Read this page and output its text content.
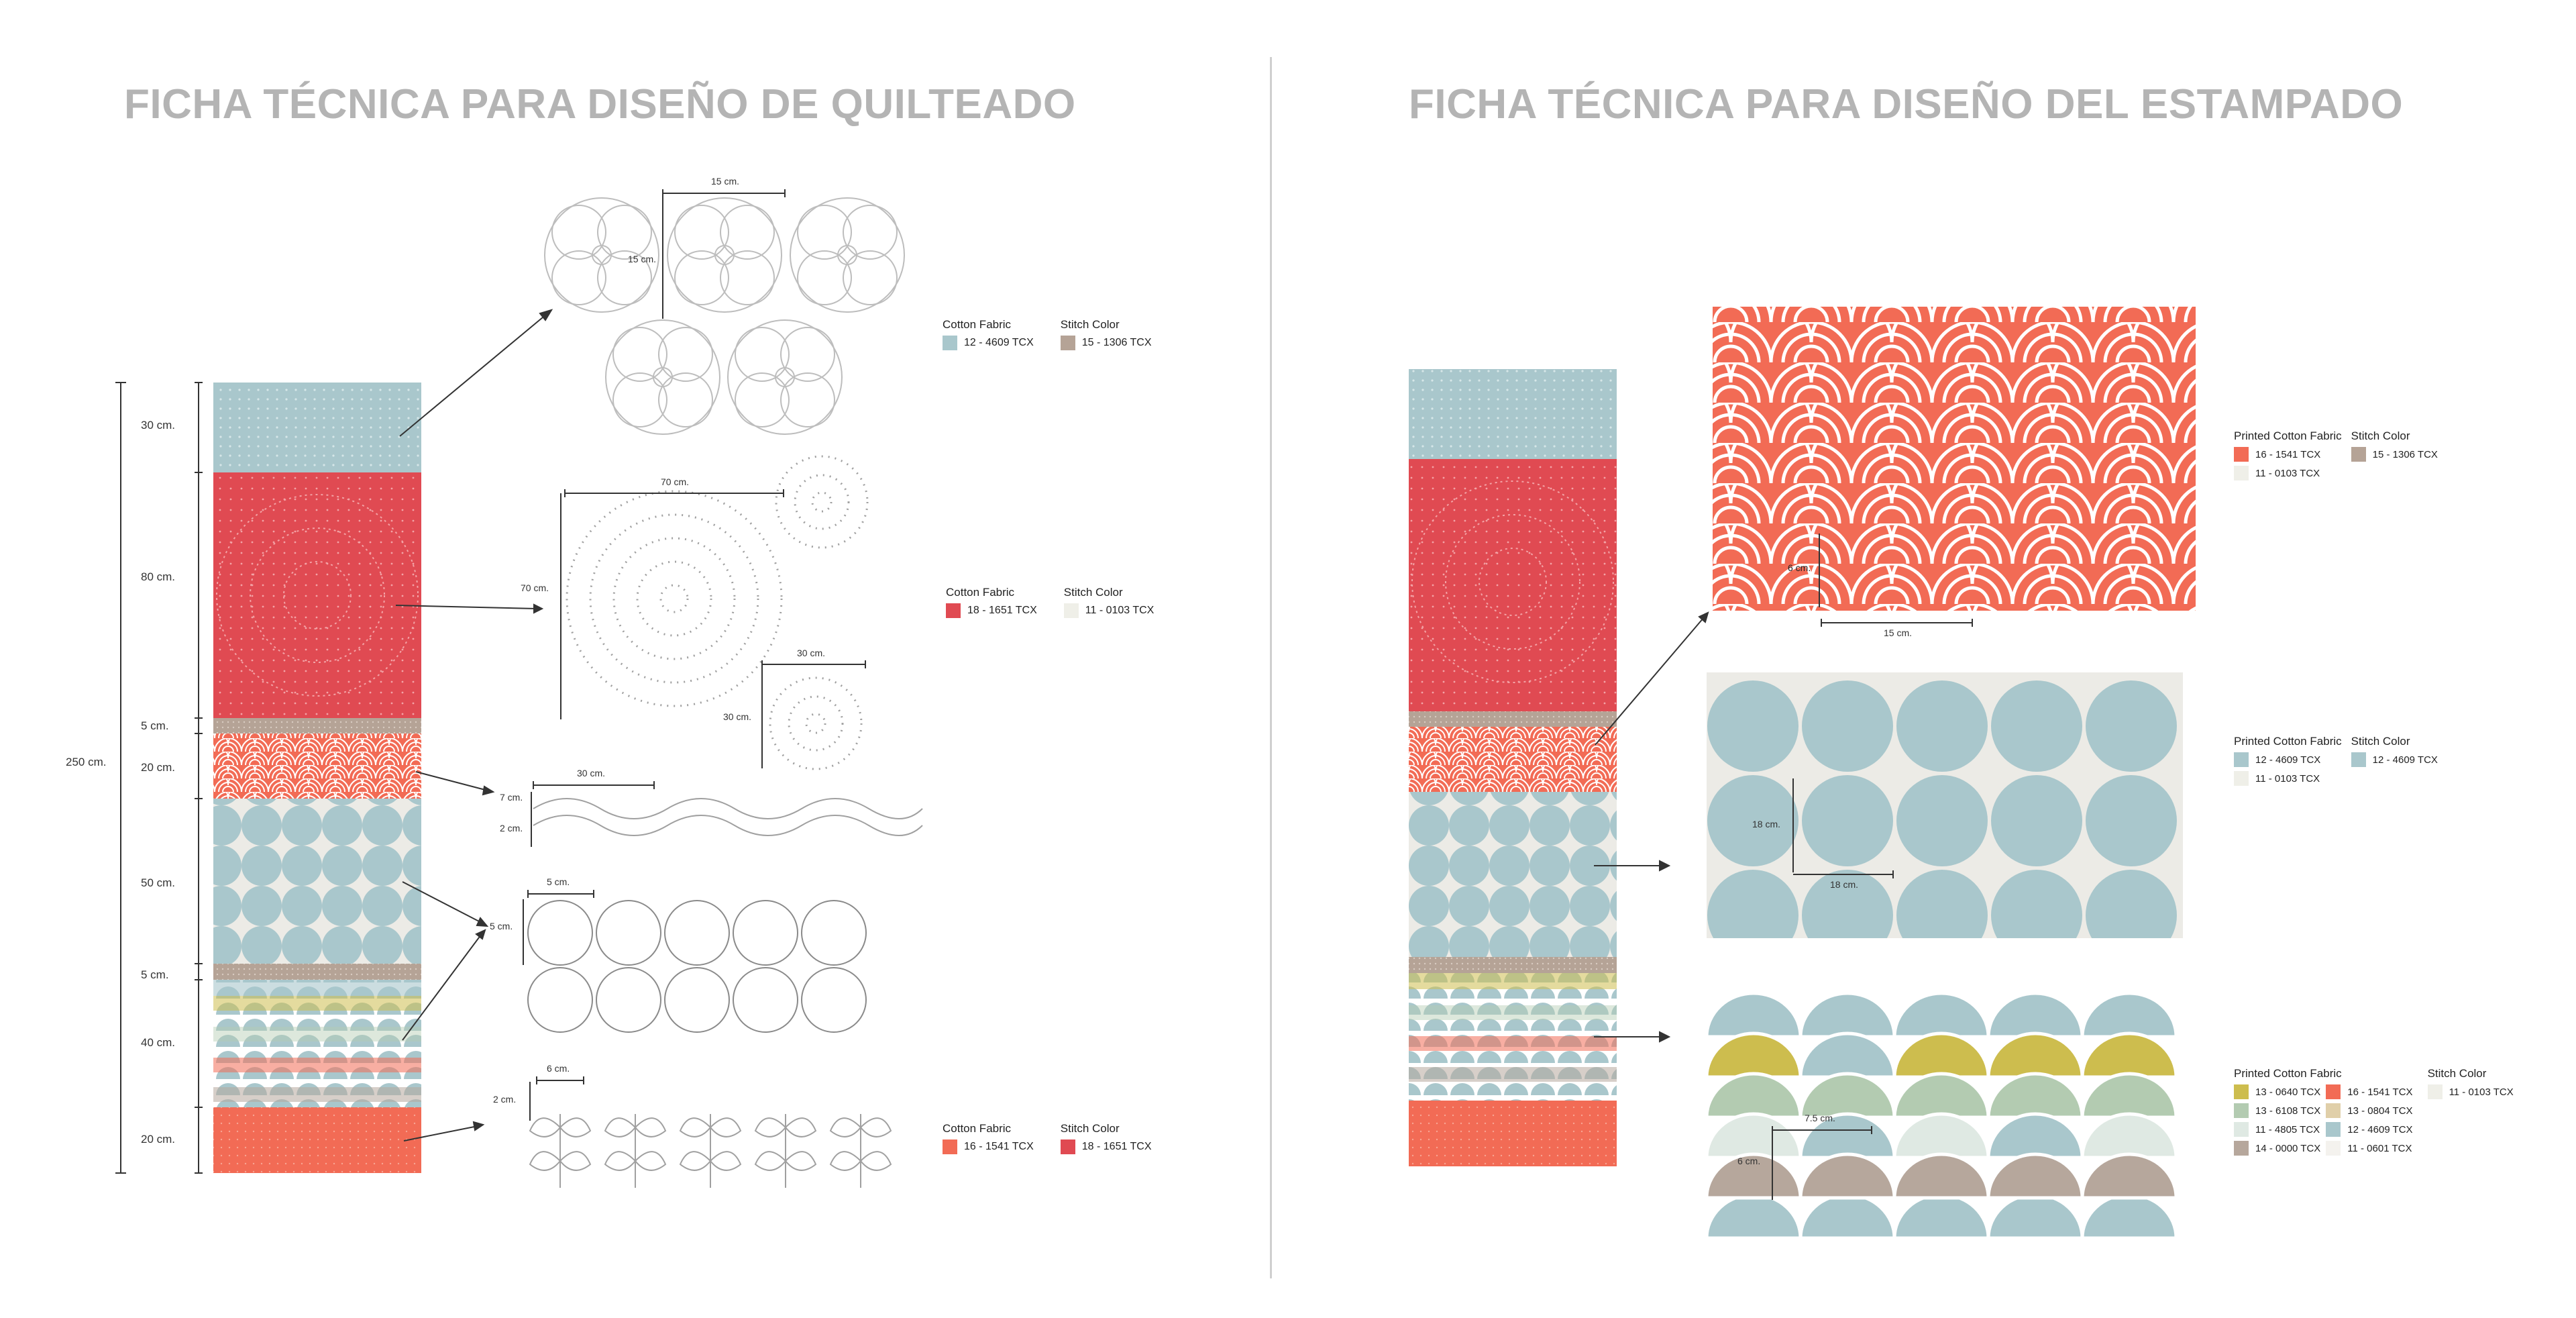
FICHA TÉCNICA PARA DISEÑO DE QUILTEADO	FICHA TÉCNICA PARA DISEÑO DEL ESTAMPADO
250 cm.
30 cm.
80 cm.
5 cm.
20 cm.
50 cm.
5 cm.
40 cm.
20 cm.
15 cm.
15 cm.
70 cm.
70 cm.
30 cm.
30 cm.
30 cm.
7 cm.
2 cm.
5 cm.
5 cm.
6 cm.
2 cm.
Cotton Fabric
12 - 4609 TCX
Stitch Color
15 - 1306 TCX
Cotton Fabric
18 - 1651 TCX
Stitch Color
11 - 0103 TCX
Cotton Fabric
16 - 1541 TCX
Stitch Color
18 - 1651 TCX
6 cm.
15 cm.
18 cm.
18 cm.
7.5 cm.
6 cm.
Printed Cotton Fabric
16 - 1541 TCX
11 - 0103 TCX
Stitch Color
15 - 1306 TCX
Printed Cotton Fabric
12 - 4609 TCX
11 - 0103 TCX
Stitch Color
12 - 4609 TCX
Printed Cotton Fabric
13 - 0640 TCX
13 - 6108 TCX
11 - 4805 TCX
14 - 0000 TCX
16 - 1541 TCX
13 - 0804 TCX
12 - 4609 TCX
11 - 0601 TCX
Stitch Color
11 - 0103 TCX
